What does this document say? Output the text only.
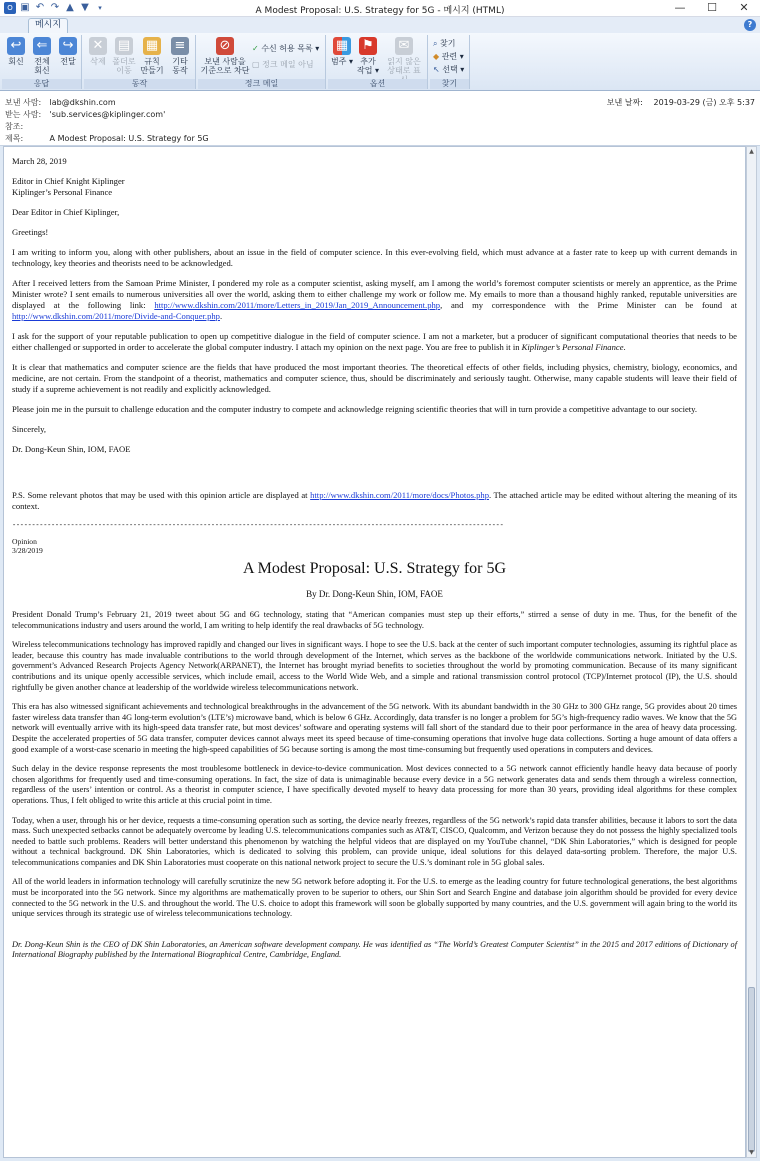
O ▣ ↶ ↷ ▲ ▼	▾	A Modest Proposal: U.S. Strategy for 5G - 메시지 (HTML)	—	☐	✕
메시지	?
↩
회신
⇐
전체
회신
↪
전달
응답
✕
삭제
▤
폴더로
이동
▦
규칙
만들기
≡
기타
동작
동작
⊘
보낸 사람을
기준으로 차단
✓ 수신 허용 목록 ▾
▢ 정크 메일 아님
정크 메일
▦
범주 ▾
⚑
추가
작업 ▾
✉
읽지 않은
상태로 표
옵션
⌕ 찾기
◆ 관련 ▾
↖ 선택 ▾
찾기
보낸 사람: lab@dkshin.com
받는 사람: 'sub.services@kiplinger.com'
참조:
제목:	A Modest Proposal: U.S. Strategy for 5G
보낸 날짜: 2019-03-29 (금) 오후 5:37

March 28, 2019

Editor in Chief Knight Kiplinger

Kiplinger’s Personal Finance

Dear Editor in Chief Kiplinger,

Greetings!

I am writing to inform you, along with other publishers, about an issue in the field of computer science. In this ever-evolving field, which must advance at a faster rate to keep up with current demands in technology, key theories and theorists need to be acknowledged.

After I received letters from the Samoan Prime Minister, I pondered my role as a computer scientist, asking myself, am I among the world’s foremost computer scientists or merely an apprentice, as the Prime Minister wrote? I sent emails to numerous universities all over the world, asking them to either challenge my work or follow me. My emails to more than a thousand highly ranked, reputable universities are displayed at the following link: http://www.dkshin.com/2011/more/Letters_in_2019/Jan_2019_Announcement.php, and my correspondence with the Prime Minister can be found at http://www.dkshin.com/2011/more/Divide-and-Conquer.php.

I ask for the support of your reputable publication to open up competitive dialogue in the field of computer science. I am not a marketer, but a producer of significant computational theories that needs to be either challenged or supported in order to accelerate the global computer industry. I attach my opinion on the next page. You are free to publish it in Kiplinger’s Personal Finance.

It is clear that mathematics and computer science are the fields that have produced the most important theories. The theoretical effects of other fields, including physics, chemistry, biology, economics, and medicine, are not certain. From the standpoint of a theorist, mathematics and computer science, thus, should be discriminately and seriously taught. Otherwise, many capable students will leave their field of study if a supreme achievement is not readily and explicitly acknowledged.

Please join me in the pursuit to challenge education and the computer industry to compete and acknowledge reigning scientific theories that will in turn provide a competitive advantage to our society.

Sincerely,

Dr. Dong-Keun Shin, IOM, FAOE

P.S. Some relevant photos that may be used with this opinion article are displayed at http://www.dkshin.com/2011/more/docs/Photos.php. The attached article may be edited without altering the meaning of its context.

------------------------------------------------------------------------------------------------------------------------------
Opinion
3/28/2019
A Modest Proposal: U.S. Strategy for 5G
By Dr. Dong-Keun Shin, IOM, FAOE

President Donald Trump’s February 21, 2019 tweet about 5G and 6G technology, stating that “American companies must step up their efforts,” stirred a sense of duty in me. Thus, for the benefit of the telecommunications industry and users around the world, I am writing to help identify the real drawbacks of 5G technology.

Wireless telecommunications technology has improved rapidly and changed our lives in significant ways. I hope to see the U.S. back at the center of such important computer technologies, assuming its rightful place as leader, because this country has made invaluable contributions to the world through development of the Internet, which serves as the backbone of the worldwide communications network. Initiated by the U.S. government’s Advanced Research Projects Agency Network(ARPANET), the Internet has brought myriad benefits to societies throughout the world by promoting communication. Because of its many significant contributions and its unique openly accessible services, which include email, access to the World Wide Web, and a simple and rational transmission control protocol (TCP)/Internet protocol (IP), the U.S. should rightfully be given another chance at leadership of the worldwide wireless telecommunications network.

This era has also witnessed significant achievements and technological breakthroughs in the advancement of the 5G network. With its abundant bandwidth in the 30 GHz to 300 GHz range, 5G provides about 20 times faster wireless data transfer than 4G long-term evolution’s (LTE’s) microwave band, which is below 6 GHz. Accordingly, data transfer is no longer a problem for 5G’s high-frequency radio waves. We know that the 5G network will eventually arrive with its high-speed data transfer rate, but most devices’ software and operating systems will fall short of the standard due to their poor performance in the area of heavy data processing. Despite the accelerated properties of 5G data transfer, computer devices cannot always meet its speed because of time-consuming operations that involve huge data collections. Sorting a huge amount of data offers a good example of a worst-case scenario in meeting the high-speed capabilities of 5G because sorting is among the most time-consuming but frequently used operations in computers and devices.

Such delay in the device response represents the most troublesome bottleneck in device-to-device communication. Most devices connected to a 5G network cannot efficiently handle heavy data because of poorly chosen algorithms for frequently used and time-consuming operations. In fact, the size of data is unimaginable because every device in a 5G network generates data and sends them through a wireless connection, regardless of the users’ intention or control. As a theorist in computer science, I have specifically devoted myself to heavy data processing for more than 30 years, providing ideal algorithms for these complex operations. Thus, I felt obliged to write this article at this crucial point in time.

Today, when a user, through his or her device, requests a time-consuming operation such as sorting, the device nearly freezes, regardless of the 5G network’s rapid data transfer abilities, because it labors to sort the data mass. Such unexpected setbacks cannot be adequately overcome by leading U.S. telecommunications companies such as AT&T, CISCO, Qualcomm, and Verizon because they do not possess the highly specialized tools needed to battle such problems. Readers will better understand this phenomenon by watching the helpful videos that are displayed on my YouTube channel, “DK Shin Laboratories,” which is designed for people without a technical background. DK Shin Laboratories, which is dedicated to solving this problem, can provide unique, ideal solutions for this delayed data-sorting problem. Therefore, the major U.S. telecommunications companies and DK Shin Laboratories must cooperate on this national network project to secure the U.S.’s dominant role in 5G global sales.

All of the world leaders in information technology will carefully scrutinize the new 5G network before adopting it. For the U.S. to emerge as the leading country for future technological generations, the best algorithms must be incorporated into the 5G network. Since my algorithms are mathematically proven to be superior to others, our Shin Sort and Search Engine and database join algorithm should be provided for every device connected to the 5G network in the U.S. and throughout the world. The U.S. choice to adopt this framework will soon be globally supported by many countries, and the U.S. government will again bring to the world its unique services through its strategic use of wireless telecommunications technology.

Dr. Dong-Keun Shin is the CEO of DK Shin Laboratories, an American software development company. He was identified as “The World’s Greatest Computer Scientist” in the 2015 and 2017 editions of Dictionary of International Biography published by the International Biographical Centre, Cambridge, England.

▲
▼
